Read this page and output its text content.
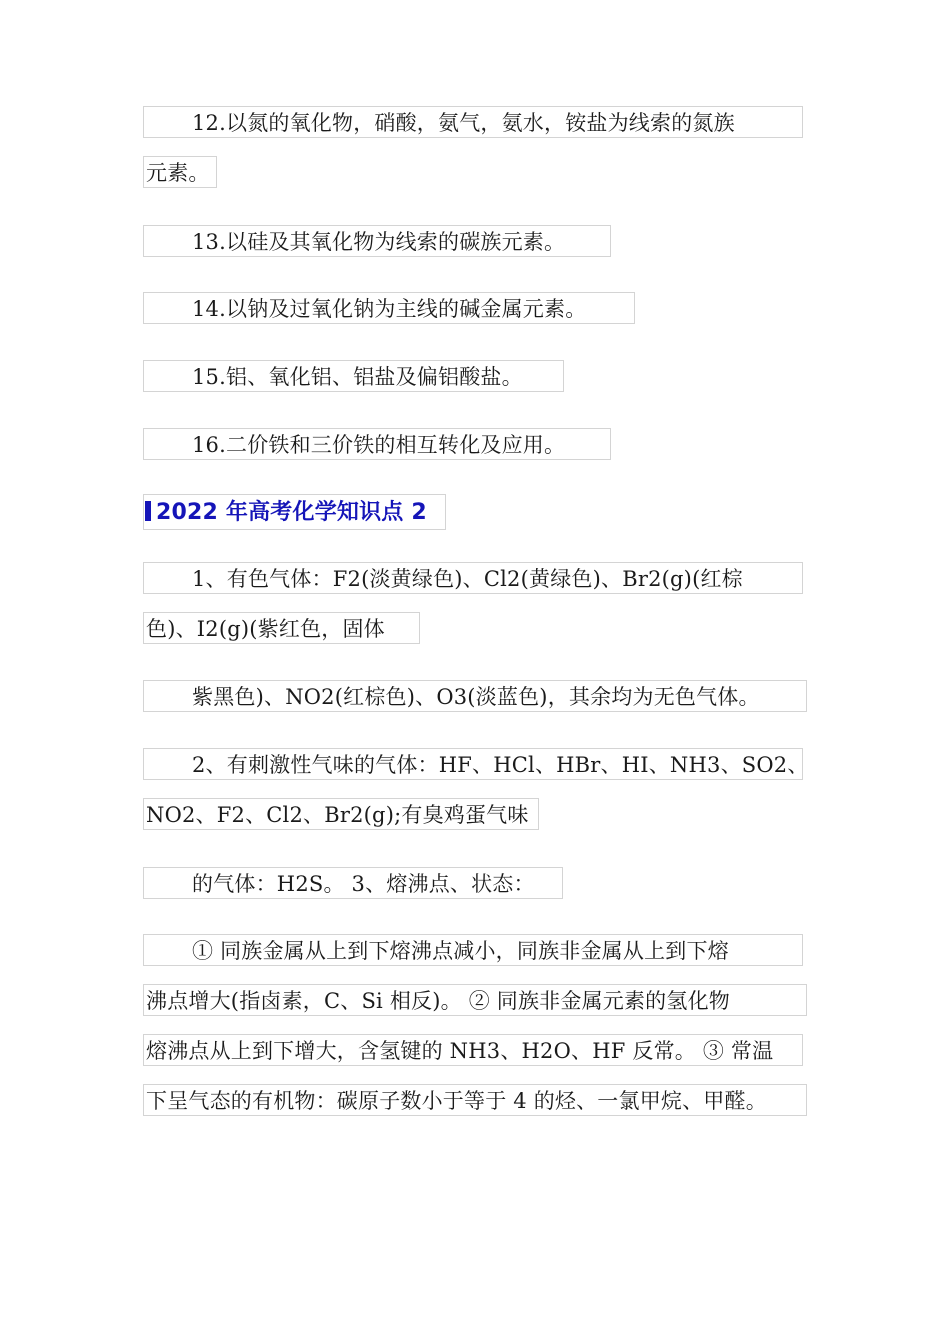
12.以氮的氧化物，硝酸，氨气，氨水，铵盐为线索的氮族
元素。
13.以硅及其氧化物为线索的碳族元素。
14.以钠及过氧化钠为主线的碱金属元素。
15.铝、氧化铝、铝盐及偏铝酸盐。
16.二价铁和三价铁的相互转化及应用。
2022 年高考化学知识点 2
1、有色气体：F2(淡黄绿色)、Cl2(黄绿色)、Br2(g)(红棕
色)、I2(g)(紫红色，固体
紫黑色)、NO2(红棕色)、O3(淡蓝色)，其余均为无色气体。
2、有刺激性气味的气体：HF、HCl、HBr、HI、NH3、SO2、
NO2、F2、Cl2、Br2(g);有臭鸡蛋气味
的气体：H2S。 3、熔沸点、状态：
① 同族金属从上到下熔沸点减小，同族非金属从上到下熔
沸点增大(指卤素，C、Si 相反)。 ② 同族非金属元素的氢化物
熔沸点从上到下增大，含氢键的 NH3、H2O、HF 反常。 ③ 常温
下呈气态的有机物：碳原子数小于等于 4 的烃、一氯甲烷、甲醛。
